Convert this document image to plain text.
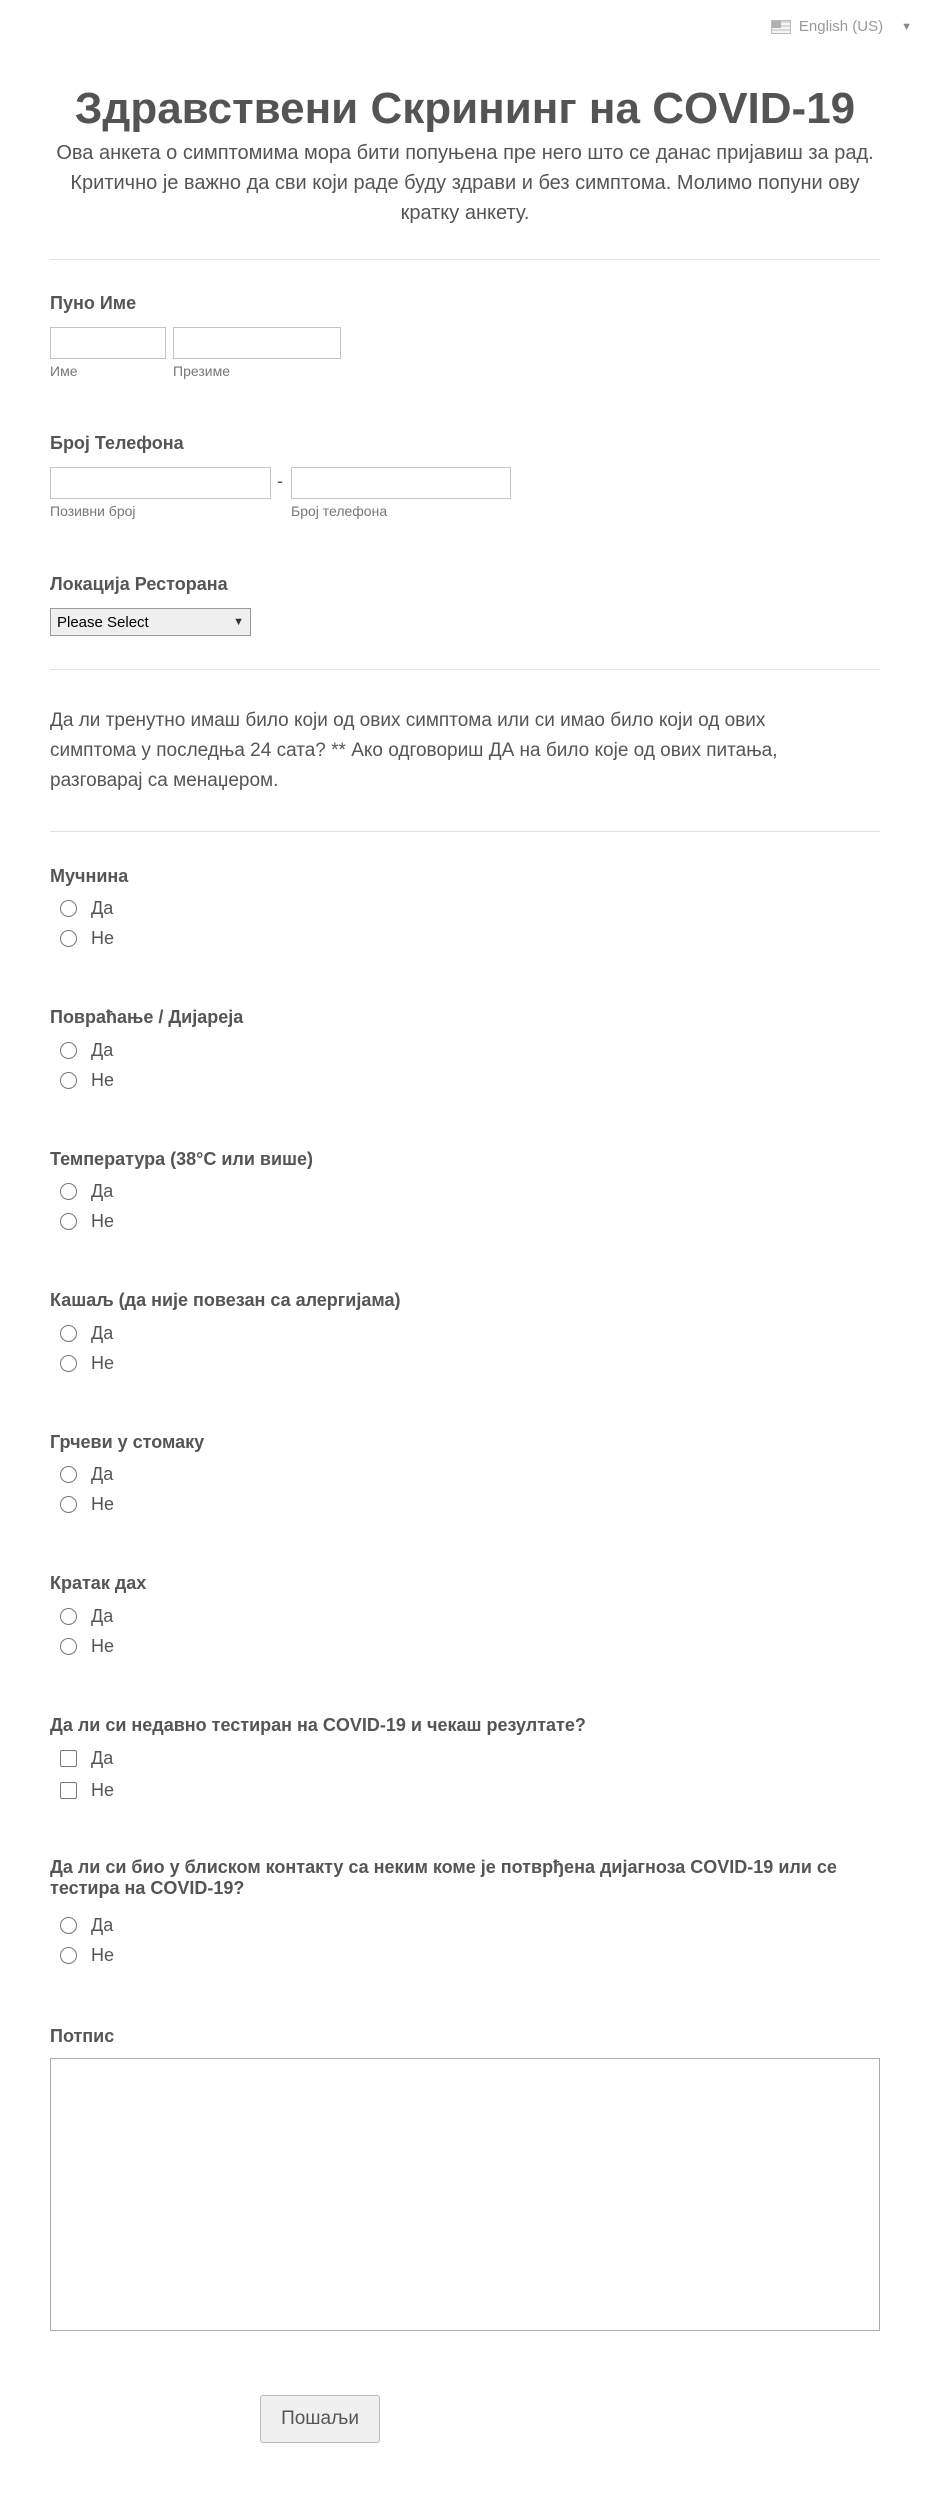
English (US) ▼
Здравствени Скрининг на COVID-19
Ова анкета о симптомима мора бити попуњена пре него што се данас пријавиш за рад.
Критично је важно да сви који раде буду здрави и без симптома. Молимо попуни ову
кратку анкету.
Пуно Име
Име	Презиме
Број Телефона
-
Позивни број	Број телефона
Локација Ресторана
Please Select	▼
Да ли тренутно имаш било који од ових симптома или си имао било који од ових
симптома у последња 24 сата? ** Ако одговориш ДА на било које од ових питања,
разговарај са менаџером.
Мучнина
Да
Не
Повраћање / Дијареја
Да
Не
Температура (38°C или више)
Да
Не
Кашаљ (да није повезан са алергијама)
Да
Не
Грчеви у стомаку
Да
Не
Кратак дах
Да
Не
Да ли си недавно тестиран на COVID-19 и чекаш резултате?
Да
Не
Да ли си био у блиском контакту са неким коме је потврђена дијагноза COVID-19 или се
тестира на COVID-19?
Да
Не
Потпис
Пошаљи
